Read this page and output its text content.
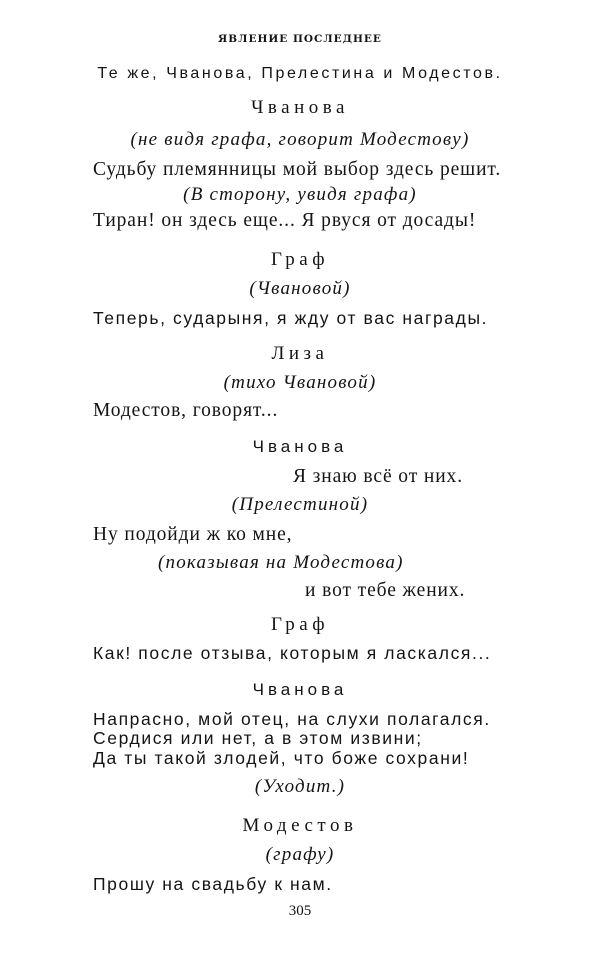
ЯВЛЕНИЕ ПОСЛЕДНЕЕ
Те же, Чванова, Прелестина и Модестов.
Чванова
(не видя графа, говорит Модестову)
Судьбу племянницы мой выбор здесь решит.
(В сторону, увидя графа)
Тиран! он здесь еще... Я рвуся от досады!
Граф
(Чвановой)
Теперь, сударыня, я жду от вас награды.
Лиза
(тихо Чвановой)
Модестов, говорят...
Чванова
Я знаю всё от них.
(Прелестиной)
Ну подойди ж ко мне,
(показывая на Модестова)
и вот тебе жених.
Граф
Как! после отзыва, которым я ласкался...
Чванова
Напрасно, мой отец, на слухи полагался.
Сердися или нет, а в этом извини;
Да ты такой злодей, что боже сохрани!
(Уходит.)
Модестов
(графу)
Прошу на свадьбу к нам.
305
